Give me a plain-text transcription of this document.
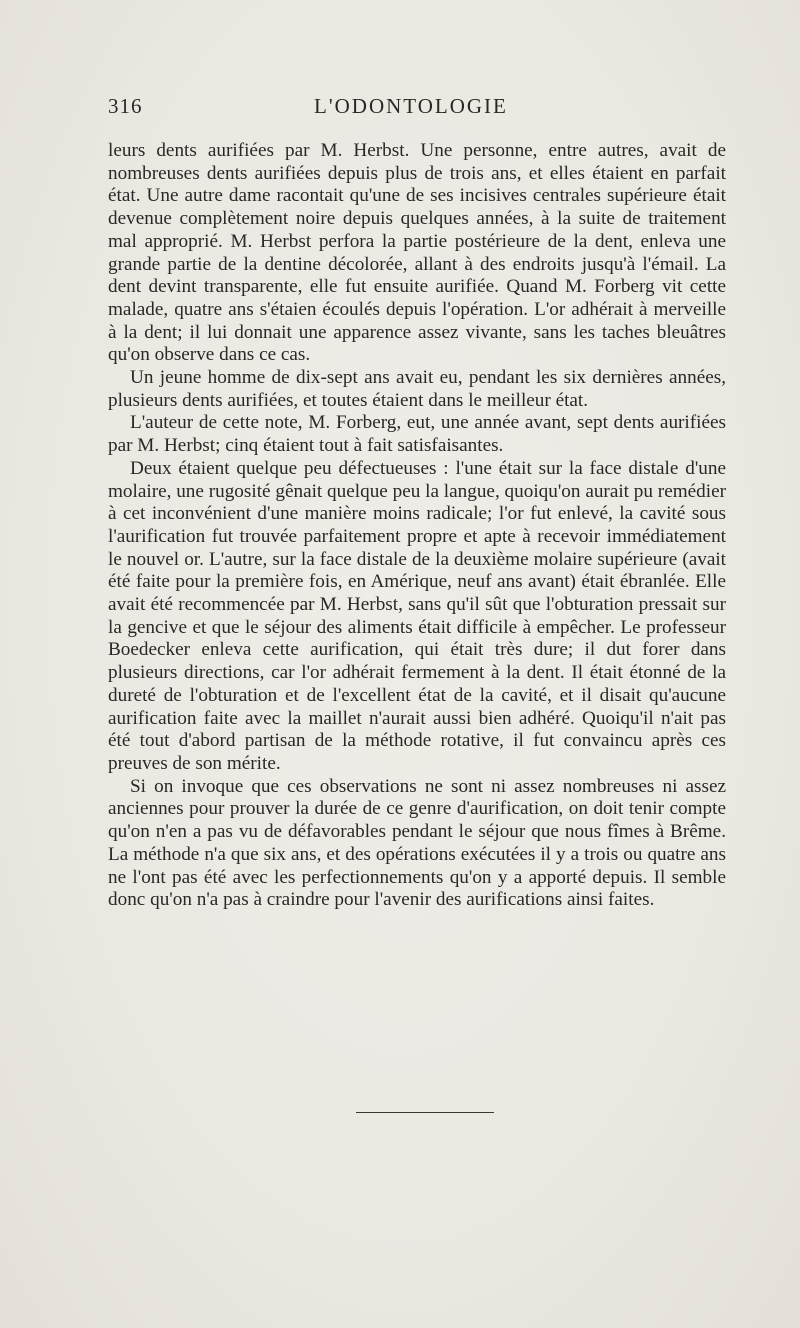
316	L'ODONTOLOGIE

leurs dents aurifiées par M. Herbst. Une personne, entre autres, avait de nombreuses dents aurifiées depuis plus de trois ans, et elles étaient en parfait état. Une autre dame racontait qu'une de ses incisives centrales supérieure était devenue complètement noire depuis quelques années, à la suite de traitement mal approprié. M. Herbst perfora la partie postérieure de la dent, enleva une grande partie de la dentine décolorée, allant à des endroits jusqu'à l'émail. La dent devint transparente, elle fut ensuite aurifiée. Quand M. Forberg vit cette malade, quatre ans s'étaien écoulés depuis l'opération. L'or adhérait à merveille à la dent; il lui donnait une apparence assez vivante, sans les taches bleuâtres qu'on observe dans ce cas.

Un jeune homme de dix-sept ans avait eu, pendant les six dernières années, plusieurs dents aurifiées, et toutes étaient dans le meilleur état.

L'auteur de cette note, M. Forberg, eut, une année avant, sept dents aurifiées par M. Herbst; cinq étaient tout à fait satisfaisantes.

Deux étaient quelque peu défectueuses : l'une était sur la face distale d'une molaire, une rugosité gênait quelque peu la langue, quoiqu'on aurait pu remédier à cet inconvénient d'une manière moins radicale; l'or fut enlevé, la cavité sous l'aurification fut trouvée parfaitement propre et apte à recevoir immédiatement le nouvel or. L'autre, sur la face distale de la deuxième molaire supérieure (avait été faite pour la première fois, en Amérique, neuf ans avant) était ébranlée. Elle avait été recommencée par M. Herbst, sans qu'il sût que l'obturation pressait sur la gencive et que le séjour des aliments était difficile à empêcher. Le professeur Boedecker enleva cette aurification, qui était très dure; il dut forer dans plusieurs directions, car l'or adhérait fermement à la dent. Il était étonné de la dureté de l'obturation et de l'excellent état de la cavité, et il disait qu'aucune aurification faite avec la maillet n'aurait aussi bien adhéré. Quoiqu'il n'ait pas été tout d'abord partisan de la méthode rotative, il fut convaincu après ces preuves de son mérite.

Si on invoque que ces observations ne sont ni assez nombreuses ni assez anciennes pour prouver la durée de ce genre d'aurification, on doit tenir compte qu'on n'en a pas vu de défavorables pendant le séjour que nous fîmes à Brême. La méthode n'a que six ans, et des opérations exécutées il y a trois ou quatre ans ne l'ont pas été avec les perfectionnements qu'on y a apporté depuis. Il semble donc qu'on n'a pas à craindre pour l'avenir des aurifications ainsi faites.
